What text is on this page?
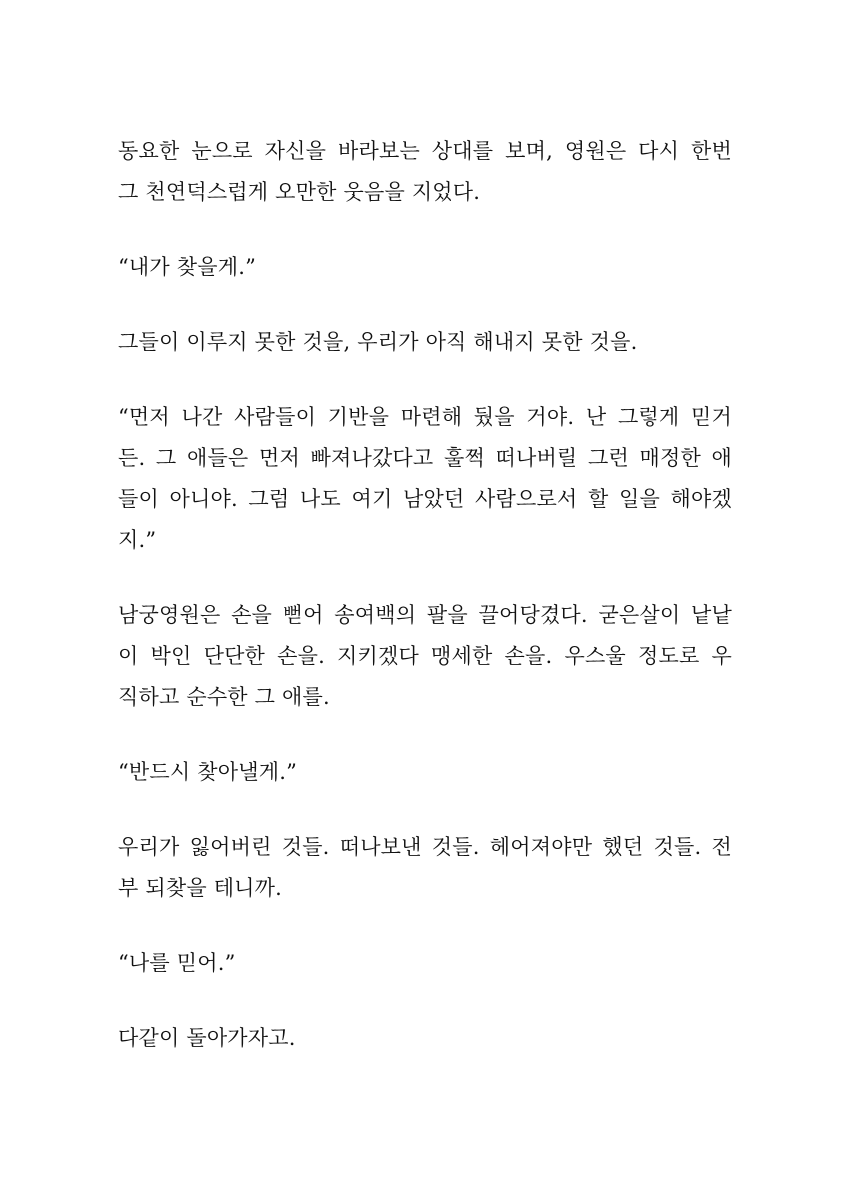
동요한 눈으로 자신을 바라보는 상대를 보며, 영원은 다시 한번
그 천연덕스럽게 오만한 웃음을 지었다.
“내가 찾을게.”
그들이 이루지 못한 것을, 우리가 아직 해내지 못한 것을.
“먼저 나간 사람들이 기반을 마련해 뒀을 거야. 난 그렇게 믿거
든. 그 애들은 먼저 빠져나갔다고 훌쩍 떠나버릴 그런 매정한 애
들이 아니야. 그럼 나도 여기 남았던 사람으로서 할 일을 해야겠
지.”
남궁영원은 손을 뻗어 송여백의 팔을 끌어당겼다. 굳은살이 낱낱
이 박인 단단한 손을. 지키겠다 맹세한 손을. 우스울 정도로 우
직하고 순수한 그 애를.
“반드시 찾아낼게.”
우리가 잃어버린 것들. 떠나보낸 것들. 헤어져야만 했던 것들. 전
부 되찾을 테니까.
“나를 믿어.”
다같이 돌아가자고.
